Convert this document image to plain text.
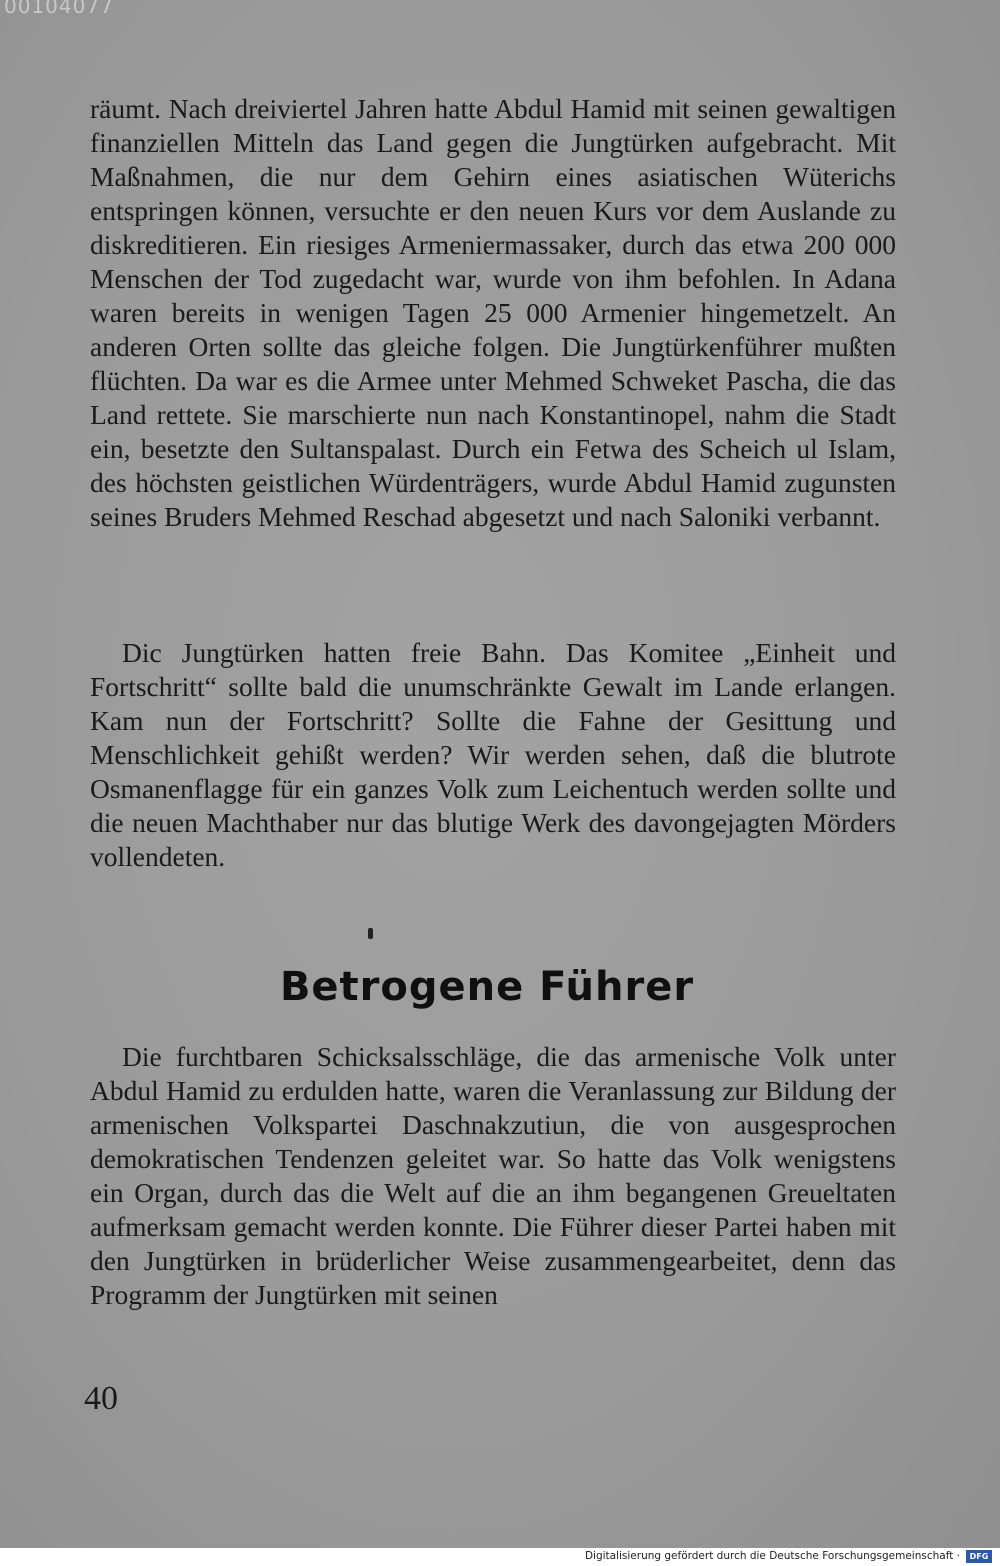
00104077

räumt. Nach dreiviertel Jahren hatte Abdul Hamid mit seinen gewaltigen finanziellen Mitteln das Land gegen die Jungtürken aufgebracht. Mit Maßnahmen, die nur dem Gehirn eines asiatischen Wüterichs entspringen können, versuchte er den neuen Kurs vor dem Auslande zu diskreditieren. Ein riesiges Armeniermassaker, durch das etwa 200 000 Menschen der Tod zugedacht war, wurde von ihm befohlen. In Adana waren bereits in wenigen Tagen 25 000 Armenier hingemetzelt. An anderen Orten sollte das gleiche folgen. Die Jungtürkenführer mußten flüchten. Da war es die Armee unter Mehmed Schweket Pascha, die das Land rettete. Sie marschierte nun nach Konstantinopel, nahm die Stadt ein, besetzte den Sultanspalast. Durch ein Fetwa des Scheich ul Islam, des höchsten geistlichen Würdenträgers, wurde Abdul Hamid zugunsten seines Bruders Mehmed Reschad abgesetzt und nach Saloniki verbannt.

Dic Jungtürken hatten freie Bahn. Das Komitee „Einheit und Fortschritt“ sollte bald die unumschränkte Gewalt im Lande erlangen. Kam nun der Fortschritt? Sollte die Fahne der Gesittung und Menschlichkeit gehißt werden? Wir werden sehen, daß die blutrote Osmanenflagge für ein ganzes Volk zum Leichentuch werden sollte und die neuen Machthaber nur das blutige Werk des davongejagten Mörders vollendeten.

Betrogene Führer

Die furchtbaren Schicksalsschläge, die das armenische Volk unter Abdul Hamid zu erdulden hatte, waren die Veranlassung zur Bildung der armenischen Volkspartei Daschnakzutiun, die von ausgesprochen demokratischen Tendenzen geleitet war. So hatte das Volk wenigstens ein Organ, durch das die Welt auf die an ihm begangenen Greueltaten aufmerksam gemacht werden konnte. Die Führer dieser Partei haben mit den Jungtürken in brüderlicher Weise zusammengearbeitet, denn das Programm der Jungtürken mit seinen

40
Digitalisierung gefördert durch die Deutsche Forschungsgemeinschaft ·	DFG
